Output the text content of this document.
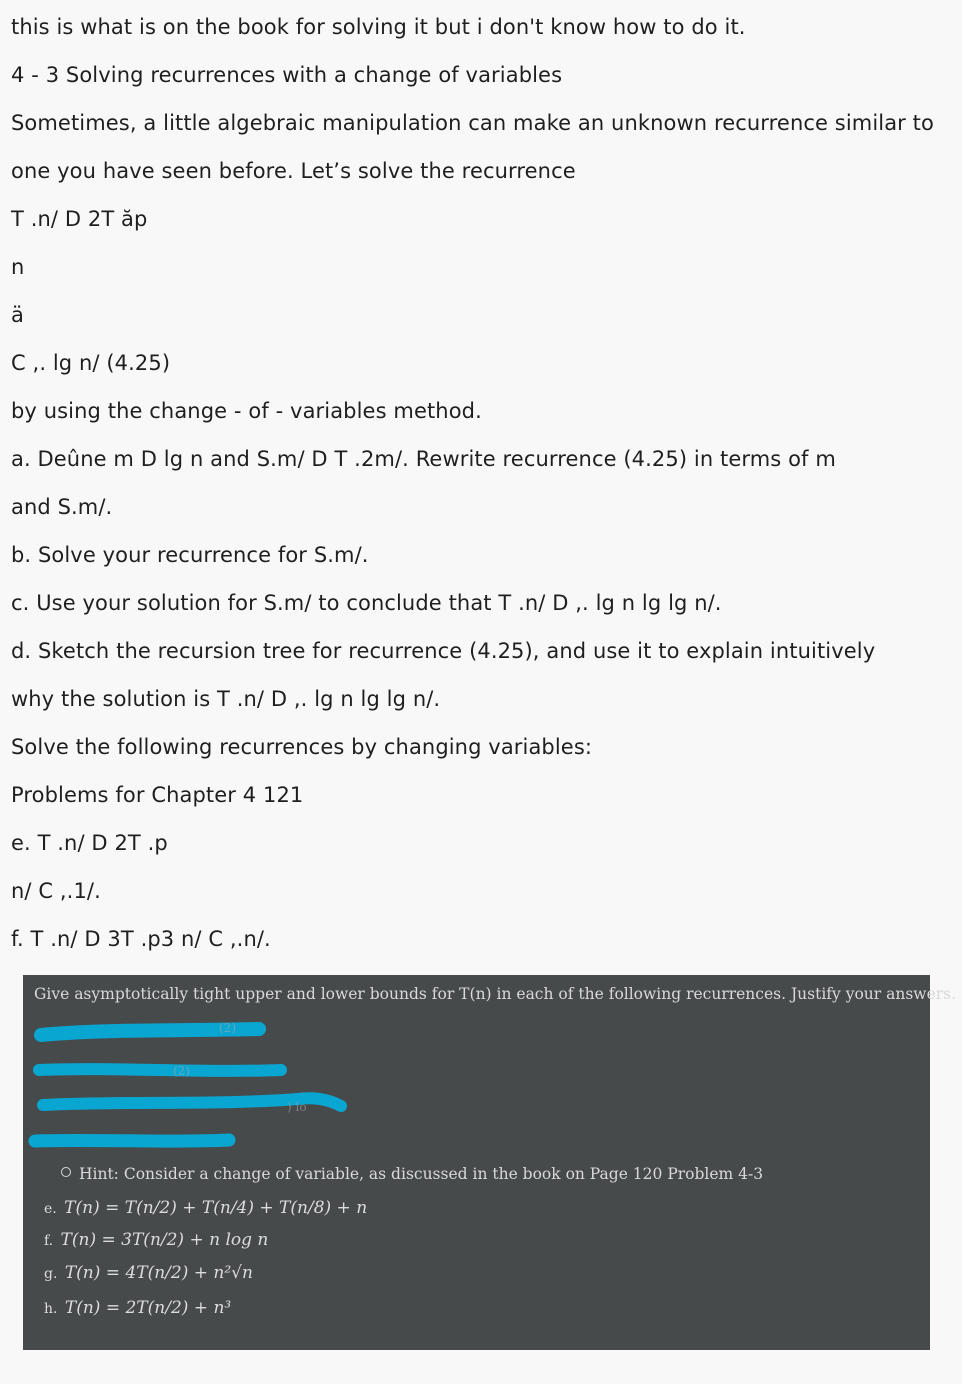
this is what is on the book for solving it but i don't know how to do it.
4 - 3 Solving recurrences with a change of variables
Sometimes, a little algebraic manipulation can make an unknown recurrence similar to
one you have seen before. Let’s solve the recurrence
T .n/ D 2T ăp
n
ä
C ,. lg n/ (4.25)
by using the change - of - variables method.
a. Deûne m D lg n and S.m/ D T .2m/. Rewrite recurrence (4.25) in terms of m
and S.m/.
b. Solve your recurrence for S.m/.
c. Use your solution for S.m/ to conclude that T .n/ D ,. lg n lg lg n/.
d. Sketch the recursion tree for recurrence (4.25), and use it to explain intuitively
why the solution is T .n/ D ,. lg n lg lg n/.
Solve the following recurrences by changing variables:
Problems for Chapter 4 121
e. T .n/ D 2T .p
n/ C ,.1/.
f. T .n/ D 3T .p3 n/ C ,.n/.
Give asymptotically tight upper and lower bounds for T(n) in each of the following recurrences. Justify your answers.
(2)
(2)
) lo
Hint: Consider a change of variable, as discussed in the book on Page 120 Problem 4-3
e. T(n) = T(n/2) + T(n/4) + T(n/8) + n
f. T(n) = 3T(n/2) + n log n
g. T(n) = 4T(n/2) + n²√n
h. T(n) = 2T(n/2) + n³
